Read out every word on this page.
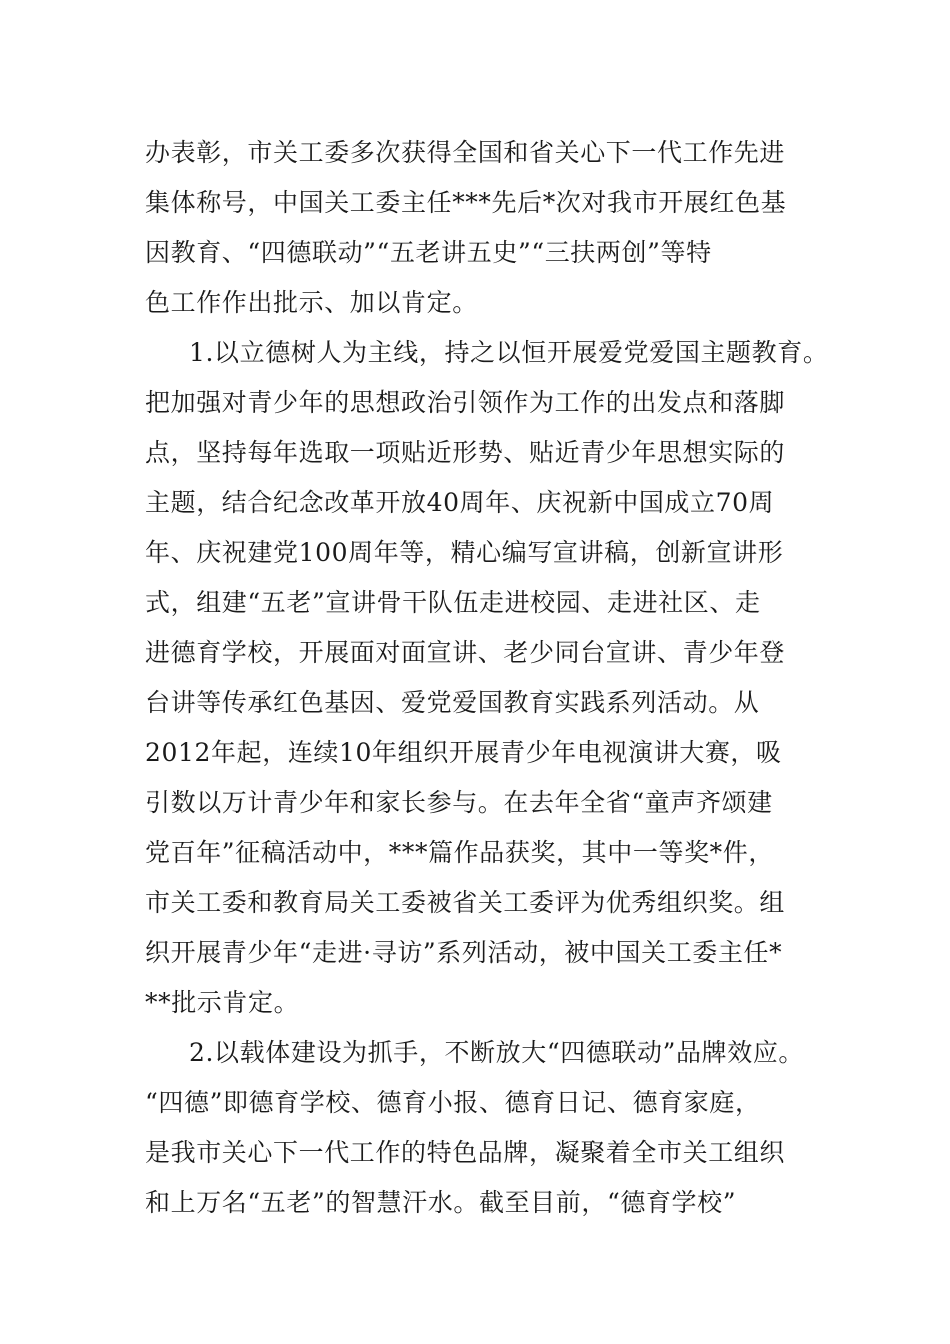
办表彰，市关工委多次获得全国和省关心下一代工作先进
集体称号，中国关工委主任***先后*次对我市开展红色基
因教育、“四德联动”“五老讲五史”“三扶两创”等特
色工作作出批示、加以肯定。
1.以立德树人为主线，持之以恒开展爱党爱国主题教育。
把加强对青少年的思想政治引领作为工作的出发点和落脚
点，坚持每年选取一项贴近形势、贴近青少年思想实际的
主题，结合纪念改革开放40周年、庆祝新中国成立70周
年、庆祝建党100周年等，精心编写宣讲稿，创新宣讲形
式，组建“五老”宣讲骨干队伍走进校园、走进社区、走
进德育学校，开展面对面宣讲、老少同台宣讲、青少年登
台讲等传承红色基因、爱党爱国教育实践系列活动。从
2012年起，连续10年组织开展青少年电视演讲大赛，吸
引数以万计青少年和家长参与。在去年全省“童声齐颂建
党百年”征稿活动中，***篇作品获奖，其中一等奖*件，
市关工委和教育局关工委被省关工委评为优秀组织奖。组
织开展青少年“走进·寻访”系列活动，被中国关工委主任*
**批示肯定。
2.以载体建设为抓手，不断放大“四德联动”品牌效应。
“四德”即德育学校、德育小报、德育日记、德育家庭，
是我市关心下一代工作的特色品牌，凝聚着全市关工组织
和上万名“五老”的智慧汗水。截至目前，“德育学校”
